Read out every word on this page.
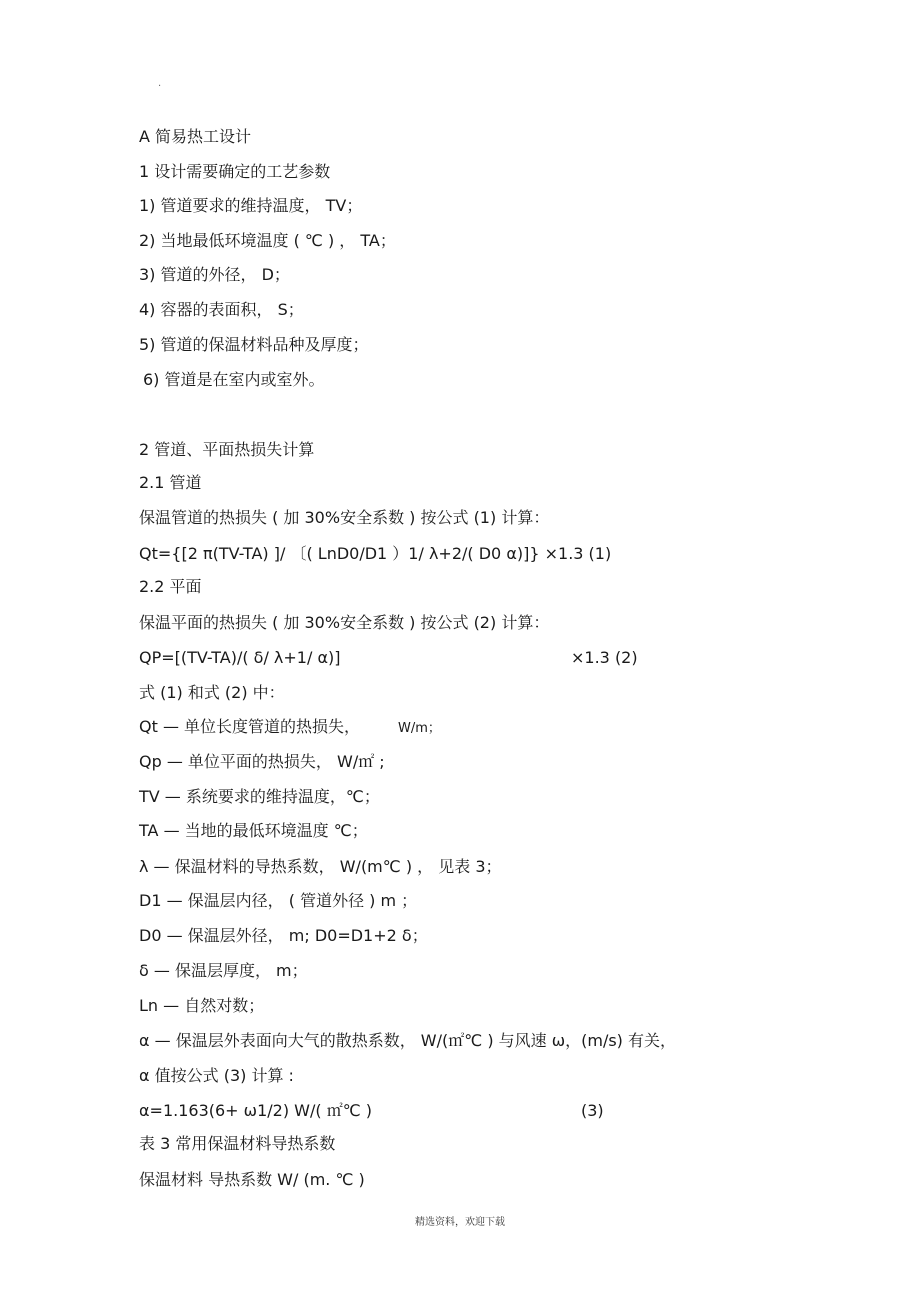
.
A 简易热工设计
1 设计需要确定的工艺参数
1) 管道要求的维持温度， TV；
2) 当地最低环境温度 ( ℃ ) ， TA；
3) 管道的外径， D；
4) 容器的表面积， S；
5) 管道的保温材料品种及厚度；
6) 管道是在室内或室外。
2 管道、平面热损失计算
2.1 管道
保温管道的热损失 ( 加 30%安全系数 ) 按公式 (1) 计算：
Qt={[2 π(TV-TA) ]/ 〔( LnD0/D1 ）1/ λ+2/( D0 α)]} ×1.3 (1)
2.2 平面
保温平面的热损失 ( 加 30%安全系数 ) 按公式 (2) 计算：
QP=[(TV-TA)/( δ/ λ+1/ α)]	×1.3 (2)
式 (1) 和式 (2) 中：
Qt — 单位长度管道的热损失，	W/m；
Qp — 单位平面的热损失， W/㎡ ;
TV — 系统要求的维持温度，℃；
TA — 当地的最低环境温度 ℃；
λ — 保温材料的导热系数， W/(m℃ ) ， 见表 3；
D1 — 保温层内径， ( 管道外径 ) m ；
D0 — 保温层外径， m; D0=D1+2 δ；
δ — 保温层厚度， m；
Ln — 自然对数；
α — 保温层外表面向大气的散热系数， W/(㎡℃ ) 与风速 ω，(m/s) 有关，
α 值按公式 (3) 计算 :
α=1.163(6+ ω1/2) W/( ㎡℃ )	(3)
表 3 常用保温材料导热系数
保温材料 导热系数 W/ (m. ℃ )
精选资料，欢迎下载
